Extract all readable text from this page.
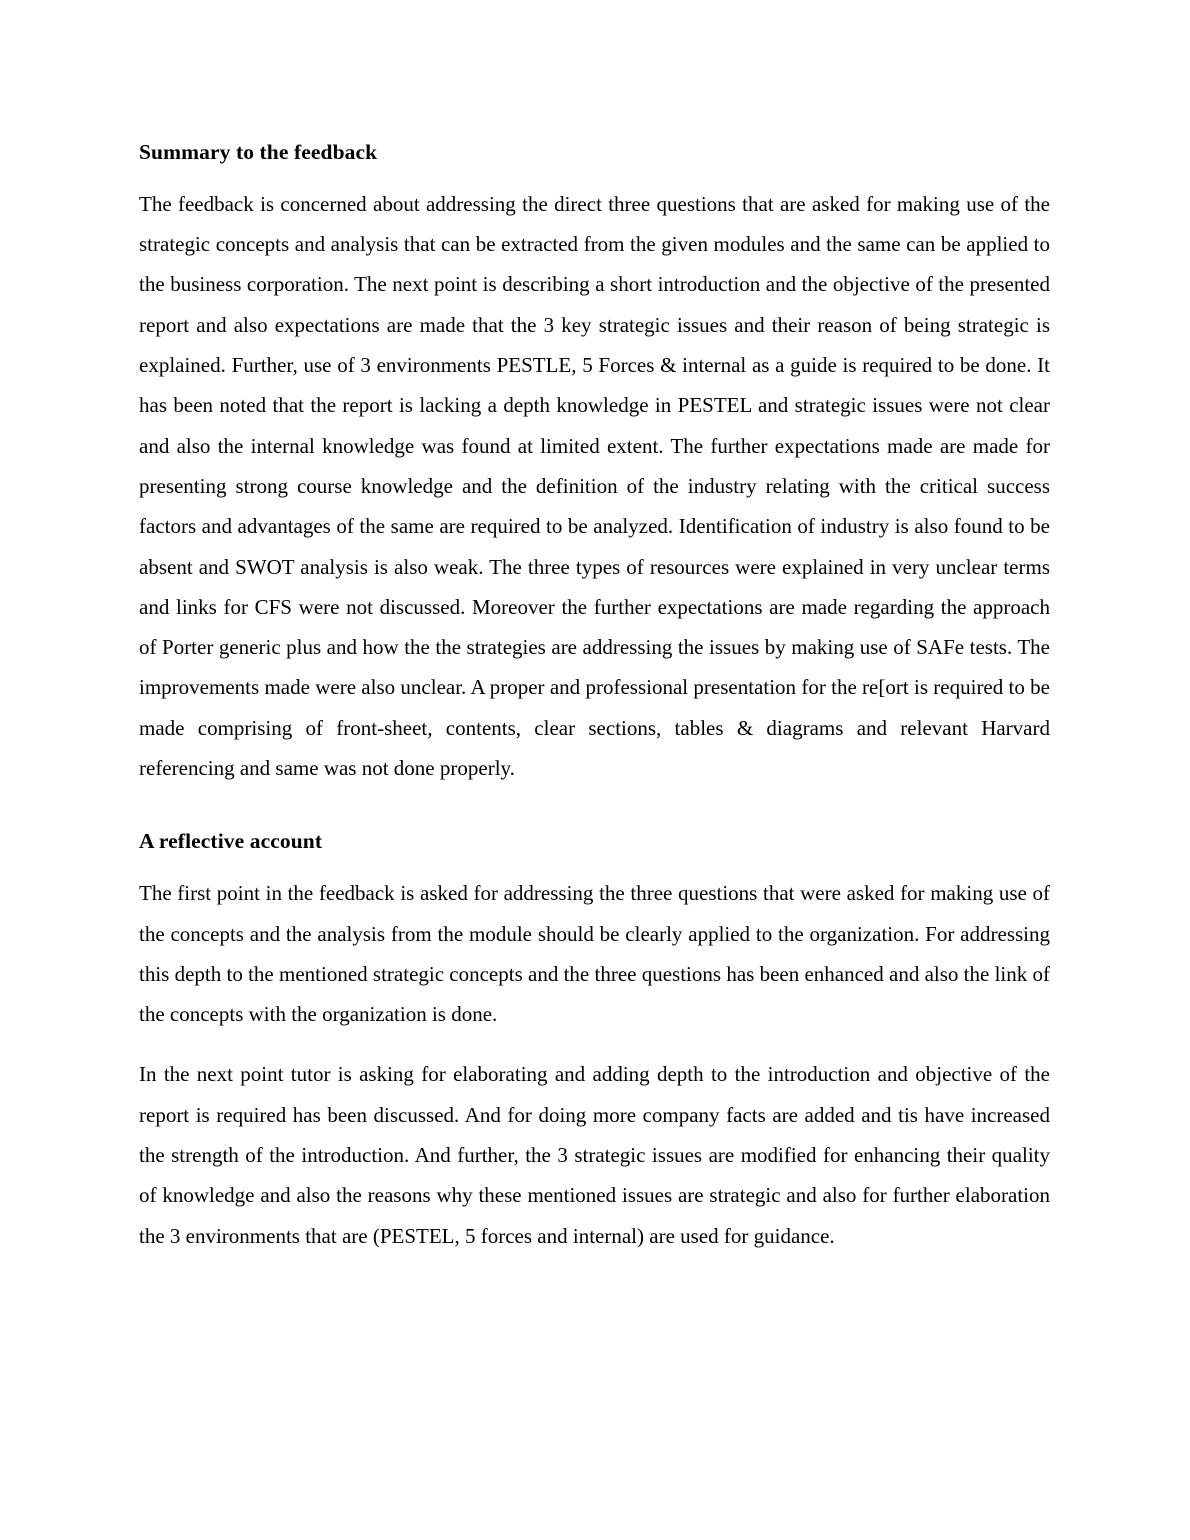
Summary to the feedback

The feedback is concerned about addressing the direct three questions that are asked for making use of the strategic concepts and analysis that can be extracted from the given modules and the same can be applied to the business corporation. The next point is describing a short introduction and the objective of the presented report and also expectations are made that the 3 key strategic issues and their reason of being strategic is explained. Further, use of 3 environments PESTLE, 5 Forces & internal as a guide is required to be done. It has been noted that the report is lacking a depth knowledge in PESTEL and strategic issues were not clear and also the internal knowledge was found at limited extent. The further expectations made are made for presenting strong course knowledge and the definition of the industry relating with the critical success factors and advantages of the same are required to be analyzed. Identification of industry is also found to be absent and SWOT analysis is also weak. The three types of resources were explained in very unclear terms and links for CFS were not discussed. Moreover the further expectations are made regarding the approach of Porter generic plus and how the the strategies are addressing the issues by making use of SAFe tests. The improvements made were also unclear. A proper and professional presentation for the re[ort is required to be made comprising of front-sheet, contents, clear sections, tables & diagrams and relevant Harvard referencing and same was not done properly.

A reflective account

The first point in the feedback is asked for addressing the three questions that were asked for making use of the concepts and the analysis from the module should be clearly applied to the organization. For addressing this depth to the mentioned strategic concepts and the three questions has been enhanced and also the link of the concepts with the organization is done.

In the next point tutor is asking for elaborating and adding depth to the introduction and objective of the report is required has been discussed. And for doing more company facts are added and tis have increased the strength of the introduction. And further, the 3 strategic issues are modified for enhancing their quality of knowledge and also the reasons why these mentioned issues are strategic and also for further elaboration the 3 environments that are (PESTEL, 5 forces and internal) are used for guidance.
